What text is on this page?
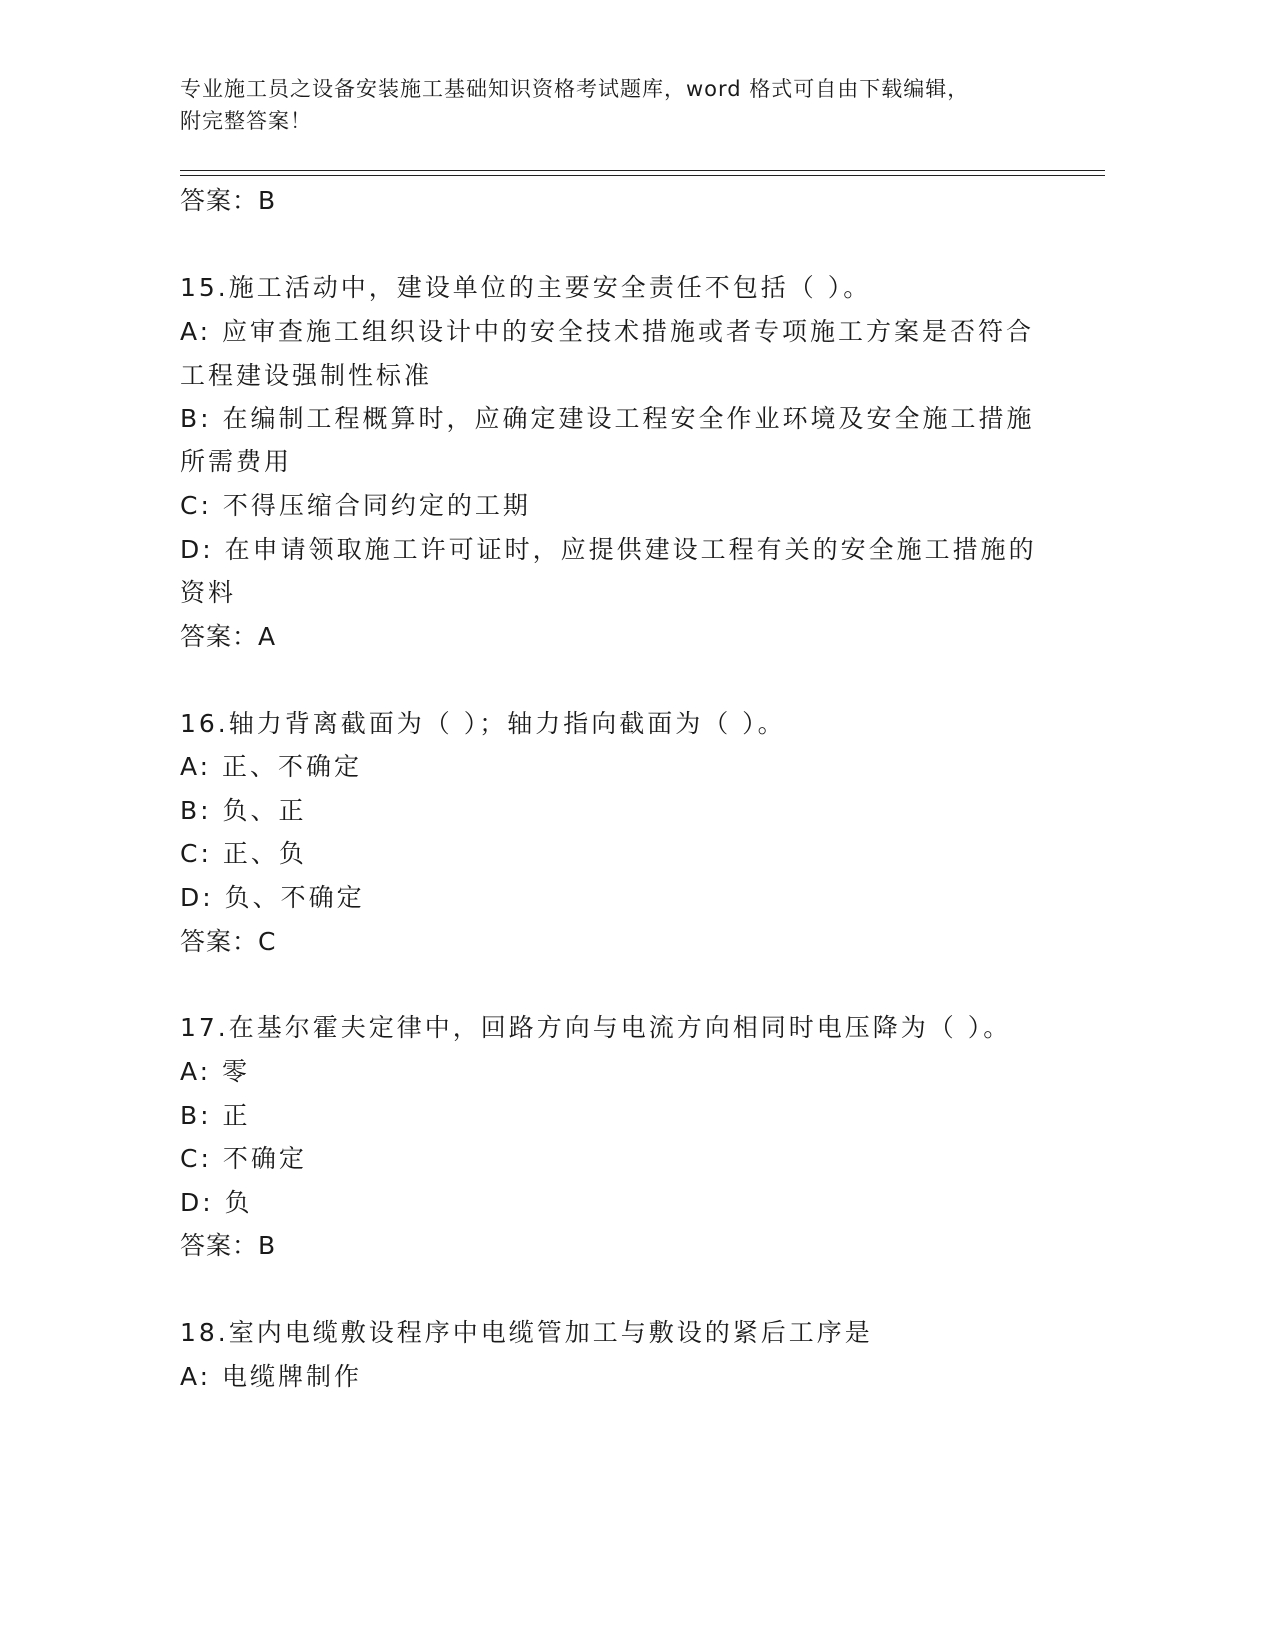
专业施工员之设备安装施工基础知识资格考试题库，word 格式可自由下载编辑，
附完整答案！
答案：B
15.施工活动中，建设单位的主要安全责任不包括（ ）。
A: 应审查施工组织设计中的安全技术措施或者专项施工方案是否符合
工程建设强制性标准
B: 在编制工程概算时，应确定建设工程安全作业环境及安全施工措施
所需费用
C: 不得压缩合同约定的工期
D: 在申请领取施工许可证时，应提供建设工程有关的安全施工措施的
资料
答案：A
16.轴力背离截面为（ ）；轴力指向截面为（ ）。
A: 正、不确定
B: 负、正
C: 正、负
D: 负、不确定
答案：C
17.在基尔霍夫定律中，回路方向与电流方向相同时电压降为（ ）。
A: 零
B: 正
C: 不确定
D: 负
答案：B
18.室内电缆敷设程序中电缆管加工与敷设的紧后工序是
A: 电缆牌制作
